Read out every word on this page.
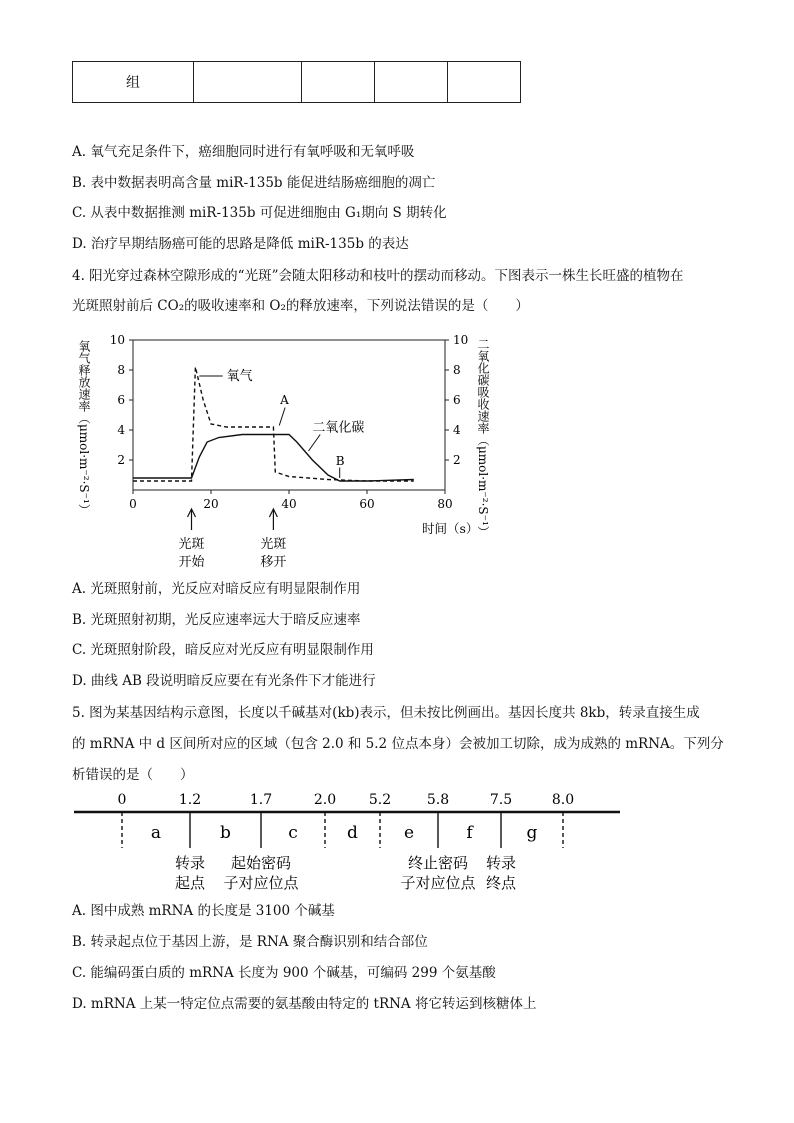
组				
A. 氧气充足条件下，癌细胞同时进行有氧呼吸和无氧呼吸
B. 表中数据表明高含量 miR-135b 能促进结肠癌细胞的凋亡
C. 从表中数据推测 miR-135b 可促进细胞由 G₁期向 S 期转化
D. 治疗早期结肠癌可能的思路是降低 miR-135b 的表达
4. 阳光穿过森林空隙形成的“光斑”会随太阳移动和枝叶的摆动而移动。下图表示一株生长旺盛的植物在
光斑照射前后 CO₂的吸收速率和 O₂的释放速率，下列说法错误的是（　　）
氧气释放速率（μmol·m⁻²·S⁻¹）	二氧化碳吸收速率（μmol·m⁻²·S⁻¹）
0	20	40	60	80
2	2
4	4
6	6
8	8
10	10
氧气
二氧化碳
A
B
时间（s）
光斑
开始
光斑
移开
A. 光斑照射前，光反应对暗反应有明显限制作用
B. 光斑照射初期，光反应速率远大于暗反应速率
C. 光斑照射阶段，暗反应对光反应有明显限制作用
D. 曲线 AB 段说明暗反应要在有光条件下才能进行
5. 图为某基因结构示意图，长度以千碱基对(kb)表示，但未按比例画出。基因长度共 8kb，转录直接生成
的 mRNA 中 d 区间所对应的区域（包含 2.0 和 5.2 位点本身）会被加工切除，成为成熟的 mRNA。下列分
析错误的是（　　）
0	1.2	1.7	2.0 5.2	5.8	7.5	8.0
a	b	c	d	e	f	g
转录
起点
起始密码
子对应位点
终止密码
子对应位点
转录
终点
A. 图中成熟 mRNA 的长度是 3100 个碱基
B. 转录起点位于基因上游，是 RNA 聚合酶识别和结合部位
C. 能编码蛋白质的 mRNA 长度为 900 个碱基，可编码 299 个氨基酸
D. mRNA 上某一特定位点需要的氨基酸由特定的 tRNA 将它转运到核糖体上
